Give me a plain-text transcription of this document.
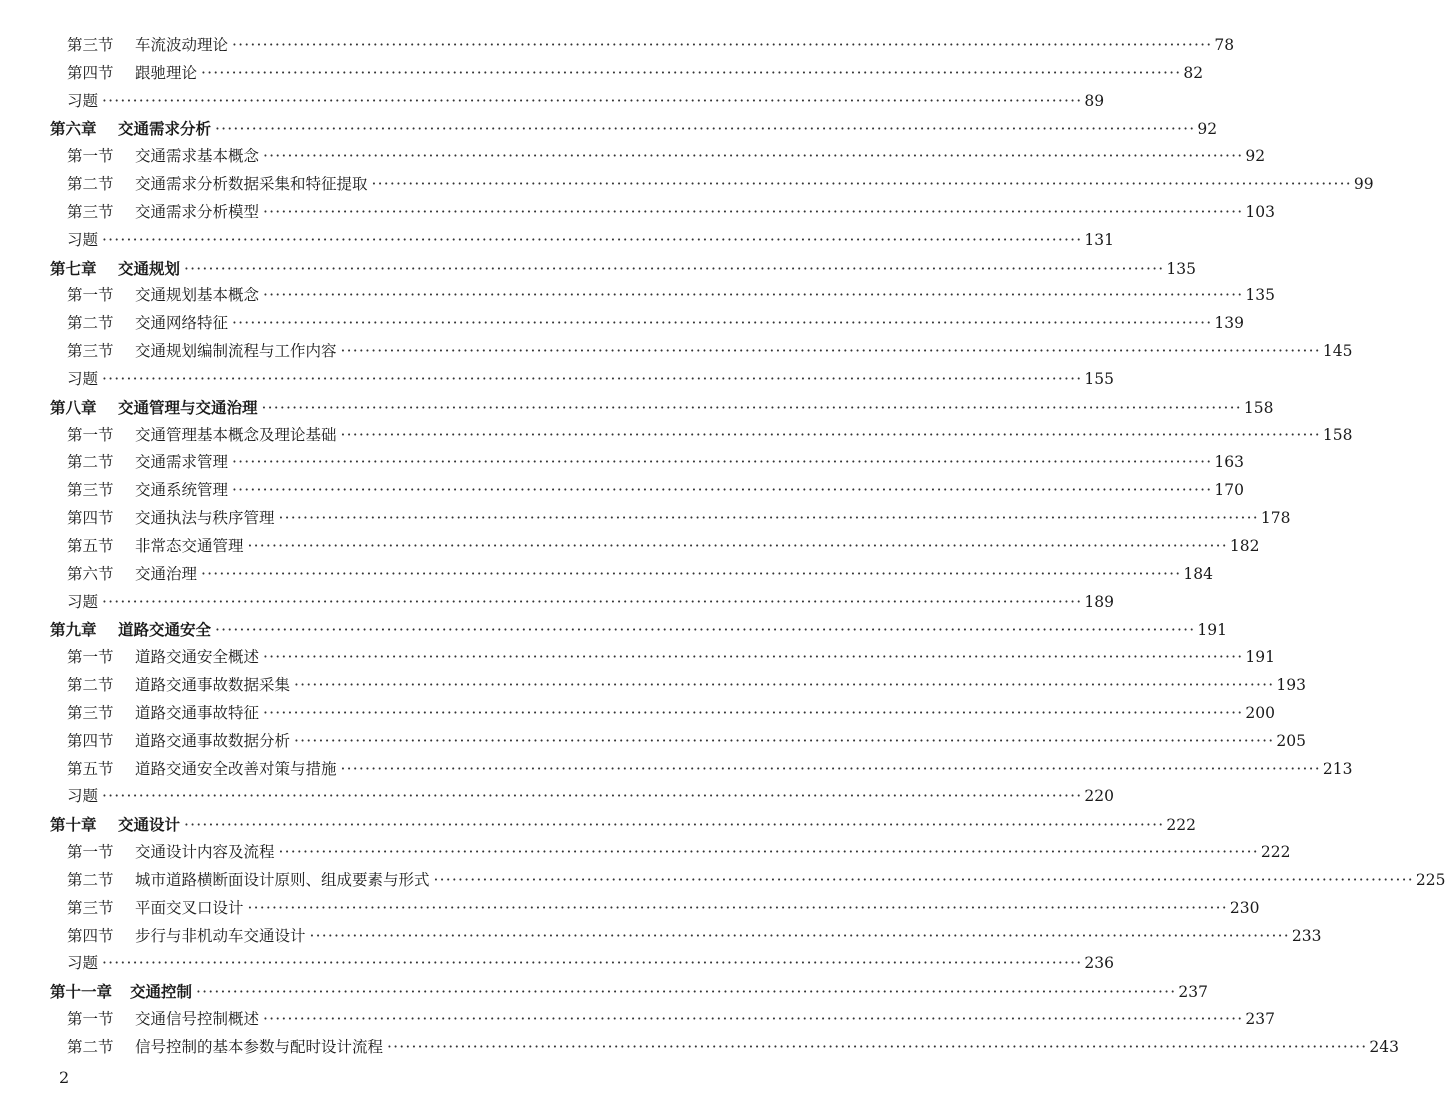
第三节 车流波动理论 ································································································································································ 78
第四节 跟驰理论 ································································································································································ 82
习题 ································································································································································ 89
第六章 交通需求分析 ································································································································································ 92
第一节 交通需求基本概念 ································································································································································ 92
第二节 交通需求分析数据采集和特征提取 ································································································································································ 99
第三节 交通需求分析模型 ································································································································································ 103
习题 ································································································································································ 131
第七章 交通规划 ································································································································································ 135
第一节 交通规划基本概念 ································································································································································ 135
第二节 交通网络特征 ································································································································································ 139
第三节 交通规划编制流程与工作内容 ································································································································································ 145
习题 ································································································································································ 155
第八章 交通管理与交通治理 ································································································································································ 158
第一节 交通管理基本概念及理论基础 ································································································································································ 158
第二节 交通需求管理 ································································································································································ 163
第三节 交通系统管理 ································································································································································ 170
第四节 交通执法与秩序管理 ································································································································································ 178
第五节 非常态交通管理 ································································································································································ 182
第六节 交通治理 ································································································································································ 184
习题 ································································································································································ 189
第九章 道路交通安全 ································································································································································ 191
第一节 道路交通安全概述 ································································································································································ 191
第二节 道路交通事故数据采集 ································································································································································ 193
第三节 道路交通事故特征 ································································································································································ 200
第四节 道路交通事故数据分析 ································································································································································ 205
第五节 道路交通安全改善对策与措施 ································································································································································ 213
习题 ································································································································································ 220
第十章 交通设计 ································································································································································ 222
第一节 交通设计内容及流程 ································································································································································ 222
第二节 城市道路横断面设计原则、组成要素与形式 ································································································································································ 225
第三节 平面交叉口设计 ································································································································································ 230
第四节 步行与非机动车交通设计 ································································································································································ 233
习题 ································································································································································ 236
第十一章 交通控制 ································································································································································ 237
第一节 交通信号控制概述 ································································································································································ 237
第二节 信号控制的基本参数与配时设计流程 ································································································································································ 243
2
